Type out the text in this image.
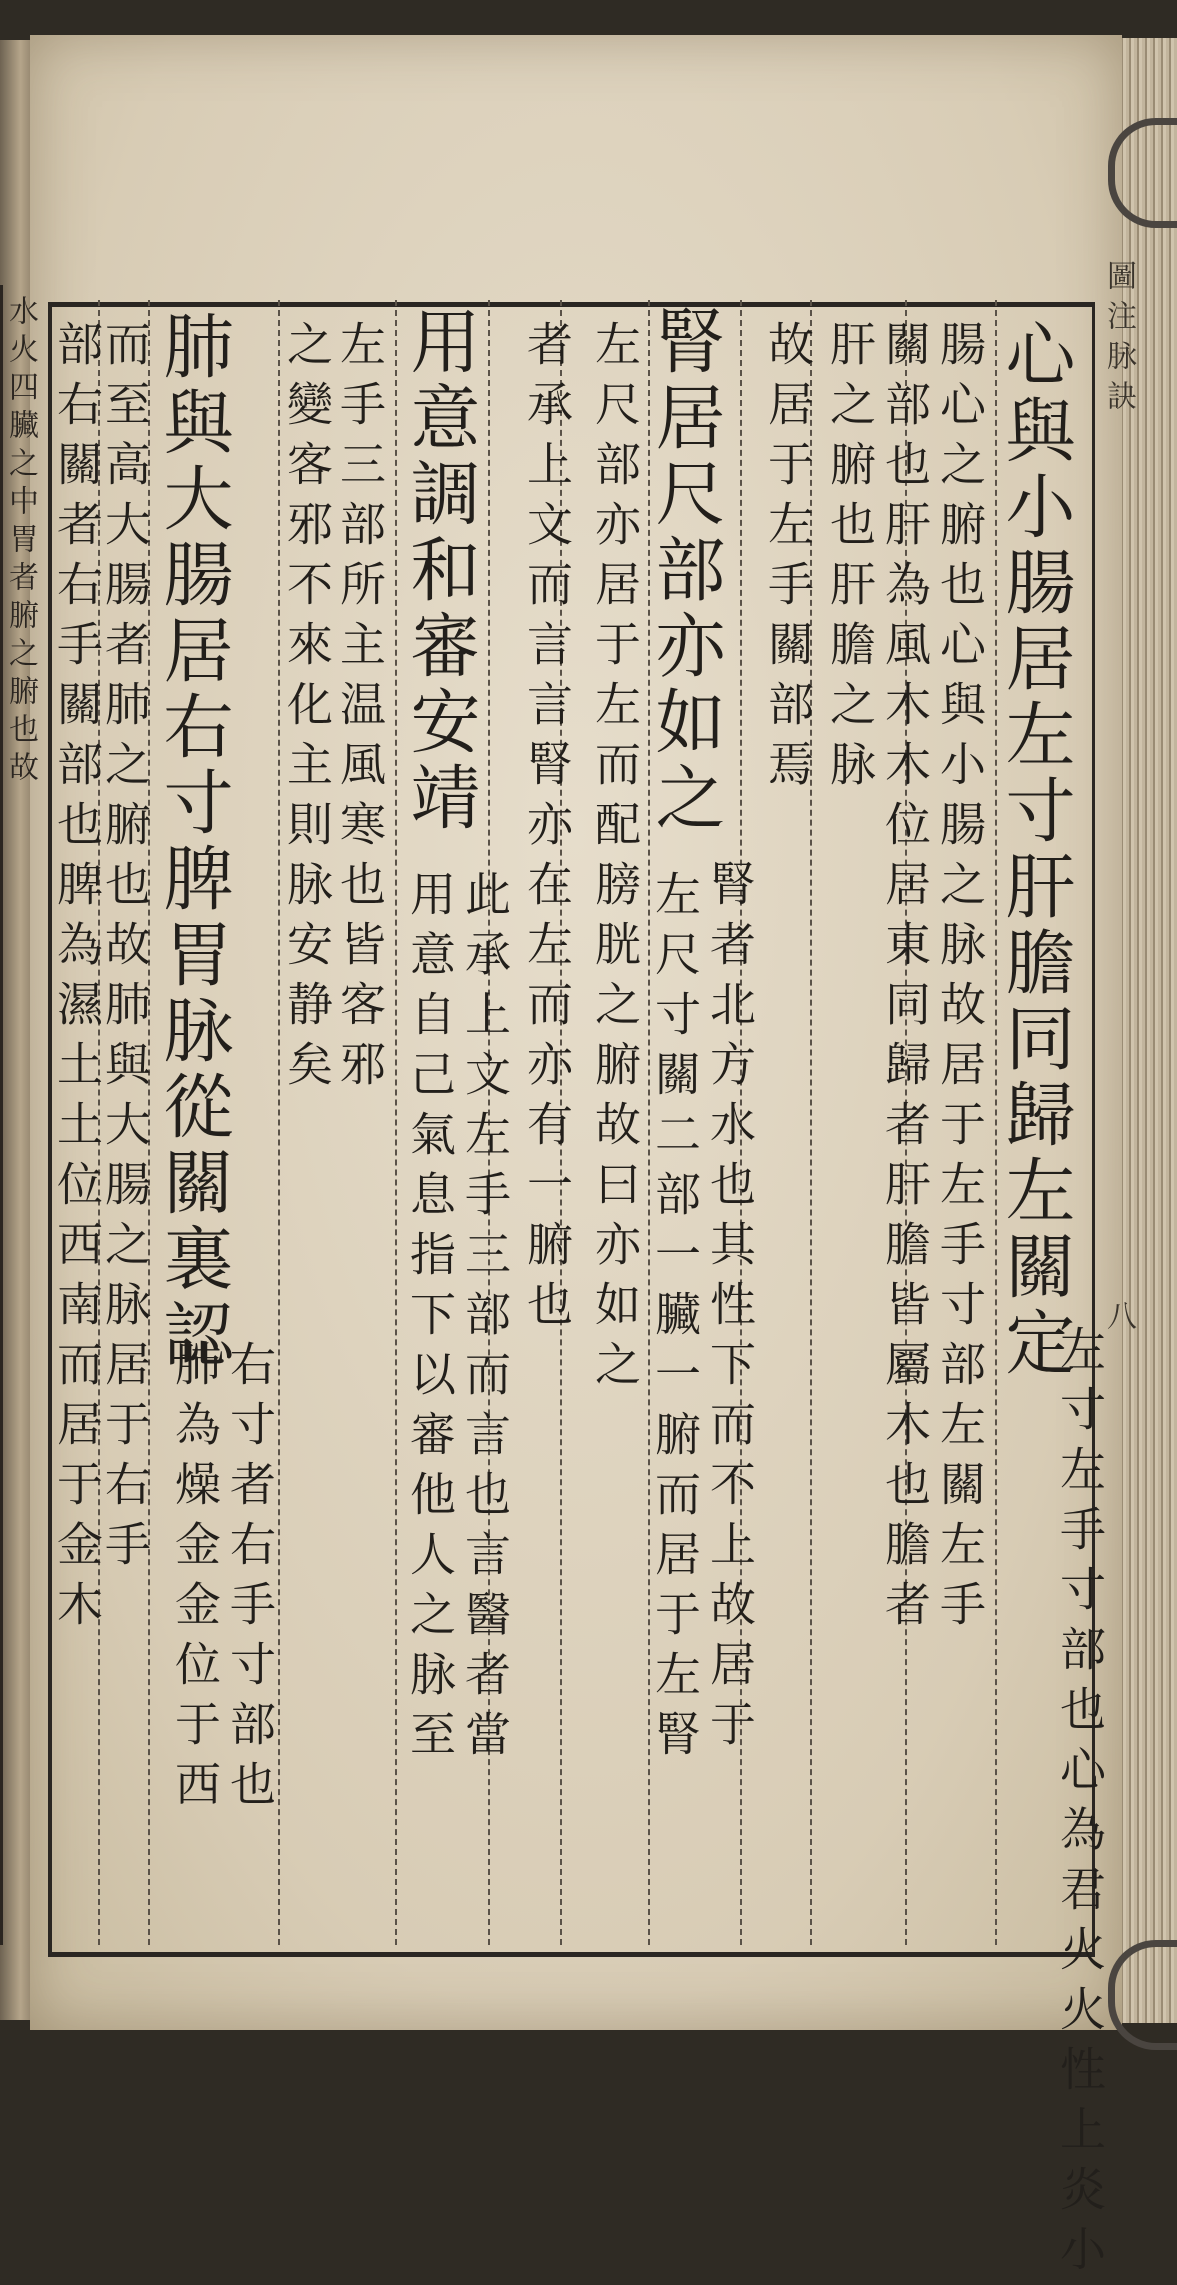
水火四臟之中胃者腑之腑也故	圖注脉訣
八
心與小腸居左寸肝膽同歸左關定
左寸左手寸部也心為君火火性上炎小
腸心之腑也心與小腸之脉故居于左手寸部左關左手
關部也肝為風木木位居東同歸者肝膽皆屬木也膽者
肝之腑也肝膽之脉
故居于左手關部焉
腎居尺部亦如之
腎者北方水也其性下而不上故居于
左尺部亦居于左而配膀胱之腑故曰亦如之 左尺寸關二部一臟一腑而居于左腎
者承上文而言言腎亦在左而亦有一腑也
用意調和審安靖
此承上文左手三部而言也言醫者當
用意自己氣息指下以審他人之脉至
左手三部所主温風寒也皆客邪
之變客邪不來化主則脉安静矣
肺與大腸居右寸脾胃脉從關裏認
右寸者右手寸部也
肺為燥金金位于西
而至高大腸者肺之腑也故肺與大腸之脉居于右手
部右關者右手關部也脾為濕土土位西南而居于金木
